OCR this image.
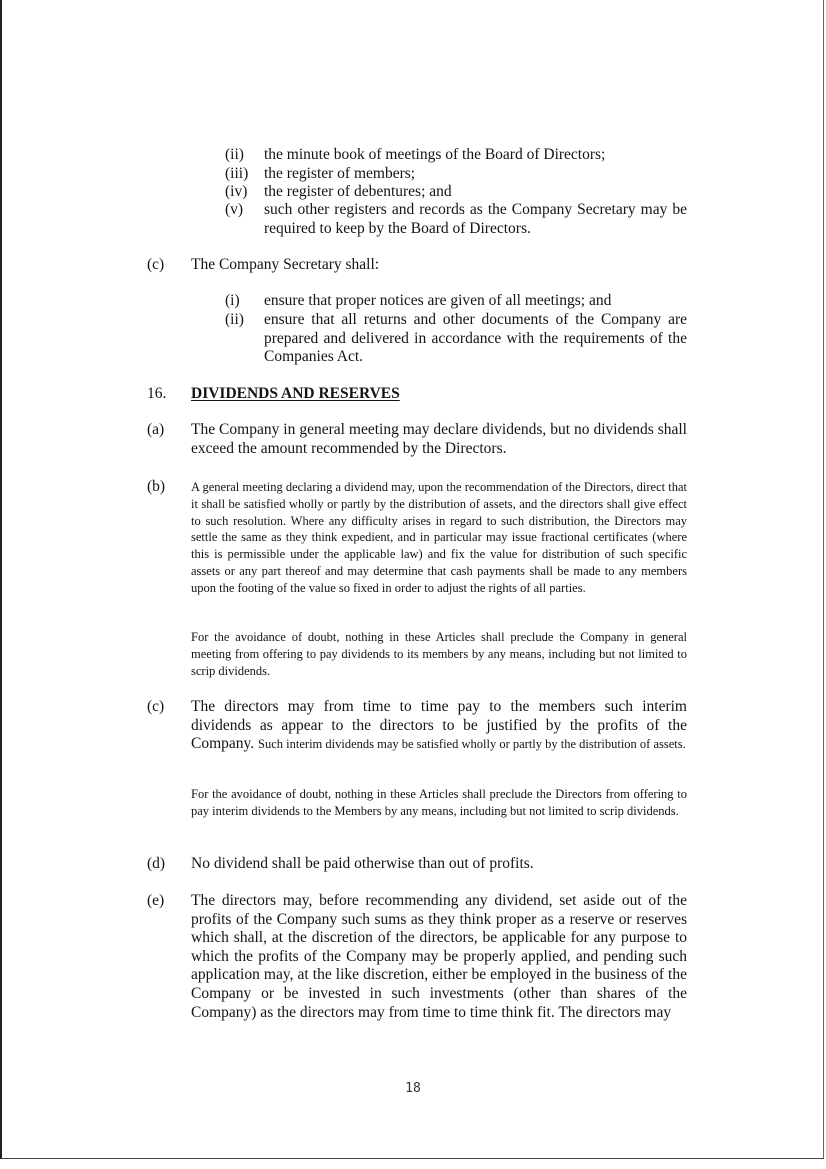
(ii) the minute book of meetings of the Board of Directors;
(iii) the register of members;
(iv) the register of debentures; and
(v) such other registers and records as the Company Secretary may be required to keep by the Board of Directors.
(c) The Company Secretary shall:
(i) ensure that proper notices are given of all meetings; and
(ii) ensure that all returns and other documents of the Company are prepared and delivered in accordance with the requirements of the Companies Act.
16. DIVIDENDS AND RESERVES
(a) The Company in general meeting may declare dividends, but no dividends shall exceed the amount recommended by the Directors.
(b) A general meeting declaring a dividend may, upon the recommendation of the Directors, direct that it shall be satisfied wholly or partly by the distribution of assets, and the directors shall give effect to such resolution. Where any difficulty arises in regard to such distribution, the Directors may settle the same as they think expedient, and in particular may issue fractional certificates (where this is permissible under the applicable law) and fix the value for distribution of such specific assets or any part thereof and may determine that cash payments shall be made to any members upon the footing of the value so fixed in order to adjust the rights of all parties.
For the avoidance of doubt, nothing in these Articles shall preclude the Company in general meeting from offering to pay dividends to its members by any means, including but not limited to scrip dividends.
(c) The directors may from time to time pay to the members such interim dividends as appear to the directors to be justified by the profits of the Company. Such interim dividends may be satisfied wholly or partly by the distribution of assets.
For the avoidance of doubt, nothing in these Articles shall preclude the Directors from offering to pay interim dividends to the Members by any means, including but not limited to scrip dividends.
(d) No dividend shall be paid otherwise than out of profits.
(e) The directors may, before recommending any dividend, set aside out of the profits of the Company such sums as they think proper as a reserve or reserves which shall, at the discretion of the directors, be applicable for any purpose to which the profits of the Company may be properly applied, and pending such application may, at the like discretion, either be employed in the business of the Company or be invested in such investments (other than shares of the Company) as the directors may from time to time think fit. The directors may
18
